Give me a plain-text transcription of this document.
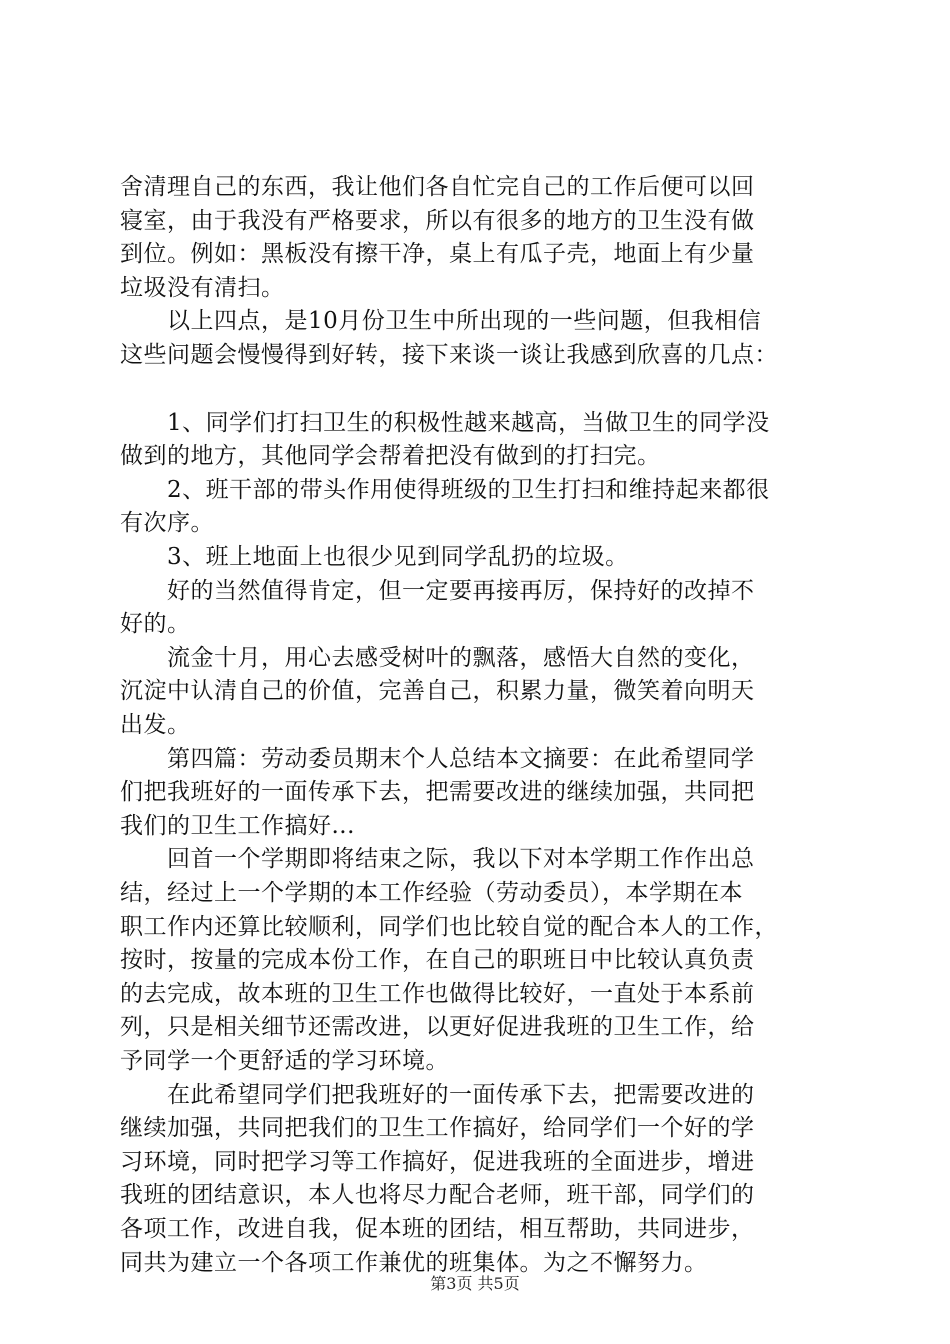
舍清理自己的东西，我让他们各自忙完自己的工作后便可以回
寝室，由于我没有严格要求，所以有很多的地方的卫生没有做
到位。例如：黑板没有擦干净，桌上有瓜子壳，地面上有少量
垃圾没有清扫。
　　以上四点，是10月份卫生中所出现的一些问题，但我相信
这些问题会慢慢得到好转，接下来谈一谈让我感到欣喜的几点：
　　1、同学们打扫卫生的积极性越来越高，当做卫生的同学没
做到的地方，其他同学会帮着把没有做到的打扫完。
　　2、班干部的带头作用使得班级的卫生打扫和维持起来都很
有次序。
　　3、班上地面上也很少见到同学乱扔的垃圾。
　　好的当然值得肯定，但一定要再接再厉，保持好的改掉不
好的。
　　流金十月，用心去感受树叶的飘落，感悟大自然的变化，
沉淀中认清自己的价值，完善自己，积累力量，微笑着向明天
出发。
　　第四篇：劳动委员期末个人总结本文摘要：在此希望同学
们把我班好的一面传承下去，把需要改进的继续加强，共同把
我们的卫生工作搞好...
　　回首一个学期即将结束之际，我以下对本学期工作作出总
结，经过上一个学期的本工作经验（劳动委员），本学期在本
职工作内还算比较顺利，同学们也比较自觉的配合本人的工作，
按时，按量的完成本份工作，在自己的职班日中比较认真负责
的去完成，故本班的卫生工作也做得比较好，一直处于本系前
列，只是相关细节还需改进，以更好促进我班的卫生工作，给
予同学一个更舒适的学习环境。
　　在此希望同学们把我班好的一面传承下去，把需要改进的
继续加强，共同把我们的卫生工作搞好，给同学们一个好的学
习环境，同时把学习等工作搞好，促进我班的全面进步，增进
我班的团结意识，本人也将尽力配合老师，班干部，同学们的
各项工作，改进自我，促本班的团结，相互帮助，共同进步，
同共为建立一个各项工作兼优的班集体。为之不懈努力。
第3页 共5页
